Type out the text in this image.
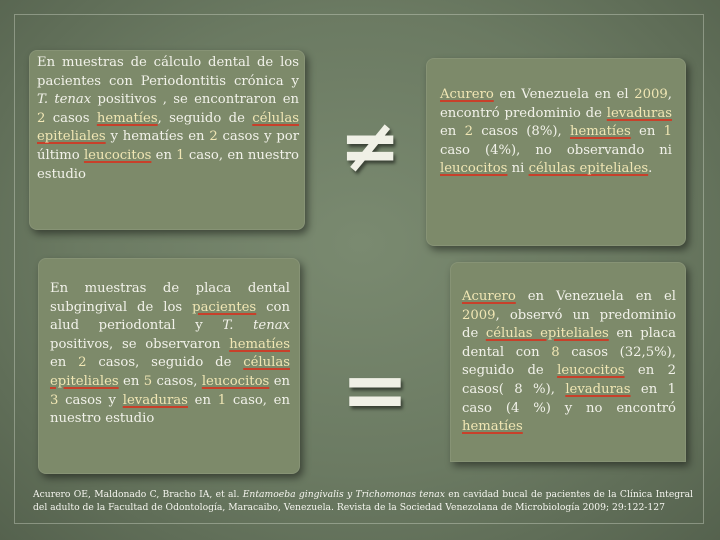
En muestras de cálculo dental de los pacientes con Periodontitis crónica y T. tenax positivos , se encontraron en 2 casos hematíes, seguido de células epiteliales y hematíes en 2 casos y por último leucocitos en 1 caso, en nuestro estudio	≠

Acurero en Venezuela en el 2009, encontró predominio de levaduras en 2 casos (8%), hematíes en 1 caso (4%), no observando ni leucocitos ni células epiteliales.

En muestras de placa dental subgingival de los pacientes con alud periodontal y T. tenax positivos, se observaron hematíes en 2 casos, seguido de células epiteliales en 5 casos, leucocitos en 3 casos y levaduras en 1 caso, en nuestro estudio	=

Acurero en Venezuela en el 2009, observó un predominio de células epiteliales en placa dental con 8 casos (32,5%), seguido de leucocitos en 2 casos( 8 %), levaduras en 1 caso (4 %) y no encontró hematíes

Acurero OE, Maldonado C, Bracho IA, et al. Entamoeba gingivalis y Trichomonas tenax en cavidad bucal de pacientes de la Clínica Integral del adulto de la Facultad de Odontología, Maracaibo, Venezuela. Revista de la Sociedad Venezolana de Microbiología 2009; 29:122-127
